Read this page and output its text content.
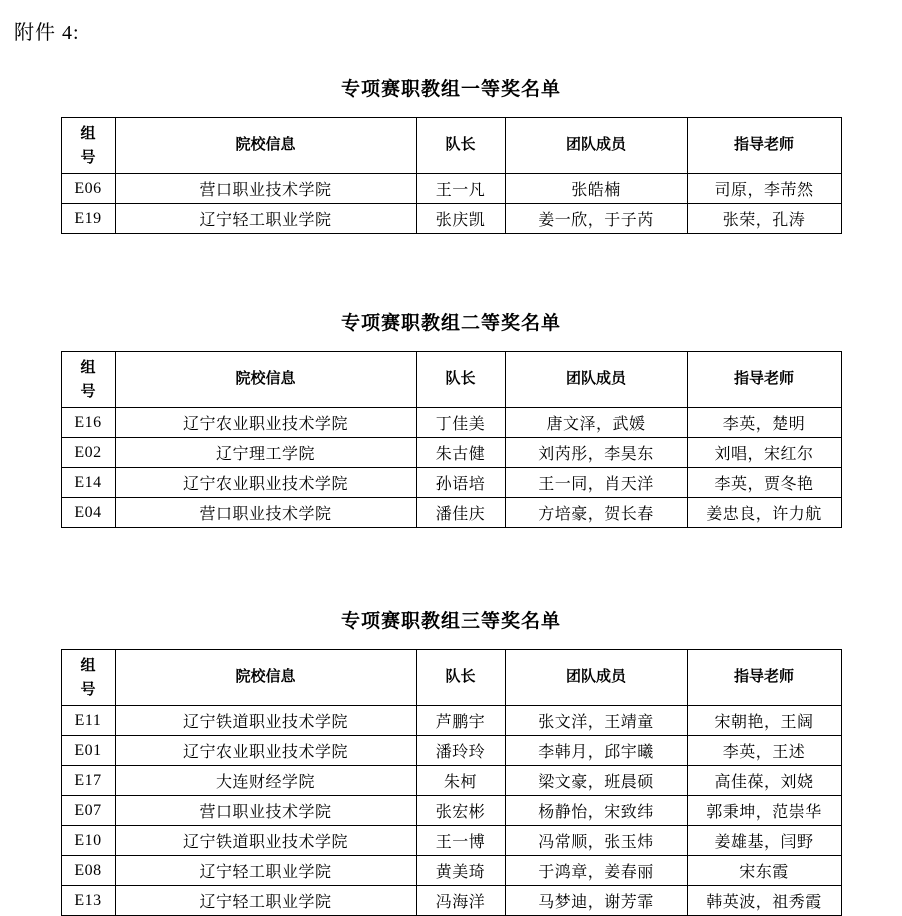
附件 4:
专项赛职教组一等奖名单
组号	院校信息	队长	团队成员	指导老师
E06	营口职业技术学院	王一凡	张皓楠	司原，李芾然
E19	辽宁轻工职业学院	张庆凯	姜一欣，于子芮	张荣，孔涛
专项赛职教组二等奖名单
组号	院校信息	队长	团队成员	指导老师
E16	辽宁农业职业技术学院	丁佳美	唐文泽，武媛	李英，楚明
E02	辽宁理工学院	朱古健	刘芮彤，李昊东	刘唱，宋红尔
E14	辽宁农业职业技术学院	孙语培	王一同，肖天洋	李英，贾冬艳
E04	营口职业技术学院	潘佳庆	方培豪，贺长春	姜忠良，许力航
专项赛职教组三等奖名单
组号	院校信息	队长	团队成员	指导老师
E11	辽宁铁道职业技术学院	芦鹏宇	张文洋，王靖童	宋朝艳，王阔
E01	辽宁农业职业技术学院	潘玲玲	李韩月，邱宇曦	李英，王述
E17	大连财经学院	朱柯	梁文豪，班晨硕	高佳葆，刘娆
E07	营口职业技术学院	张宏彬	杨静怡，宋致纬	郭秉坤，范崇华
E10	辽宁铁道职业技术学院	王一博	冯常顺，张玉炜	姜雄基，闫野
E08	辽宁轻工职业学院	黄美琦	于鸿章，姜春丽	宋东霞
E13	辽宁轻工职业学院	冯海洋	马梦迪，谢芳霏	韩英波，祖秀霞
